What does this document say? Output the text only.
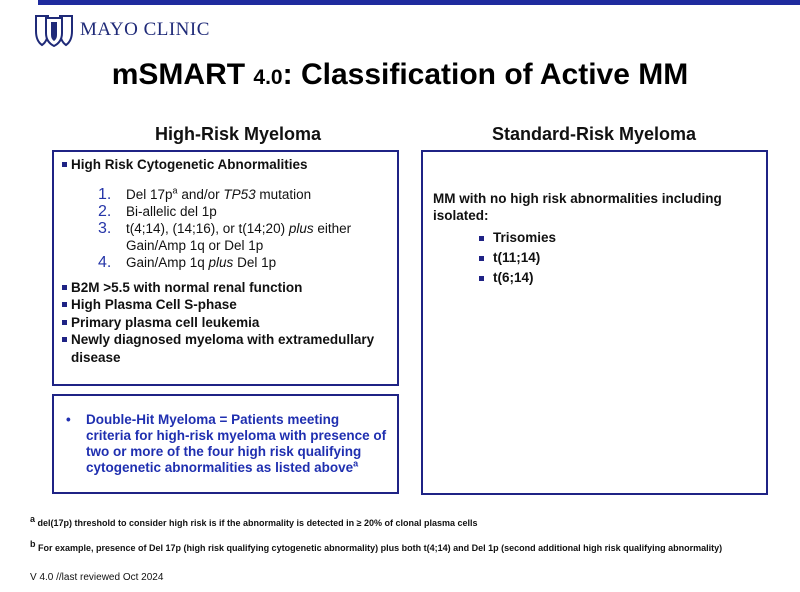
MAYO CLINIC
mSMART 4.0: Classification of Active MM
High-Risk Myeloma	Standard-Risk Myeloma
High Risk Cytogenetic Abnormalities
1.	Del $17p^a$ and/or TP53 mutation
2.	Bi-allelic del 1p
3.	t(4;14), (14;16), or t(14;20) plus either Gain/Amp 1q or Del 1p
4.	Gain/Amp 1q plus Del 1p
B2M >5.5 with normal renal function
High Plasma Cell S-phase
Primary plasma cell leukemia
Newly diagnosed myeloma with extramedullary disease
•	Double-Hit Myeloma = Patients meeting criteria for high-risk myeloma with presence of two or more of the four high risk qualifying cytogenetic abnormalities as listed above$^a$
MM with no high risk abnormalities including isolated:
Trisomies
t(11;14)
t(6;14)
$^a$ del(17p) threshold to consider high risk is if the abnormality is detected in ≥ 20% of clonal plasma cells
$^b$ For example, presence of Del 17p (high risk qualifying cytogenetic abnormality) plus both t(4;14) and Del 1p (second additional high risk qualifying abnormality)
V 4.0 //last reviewed Oct 2024
